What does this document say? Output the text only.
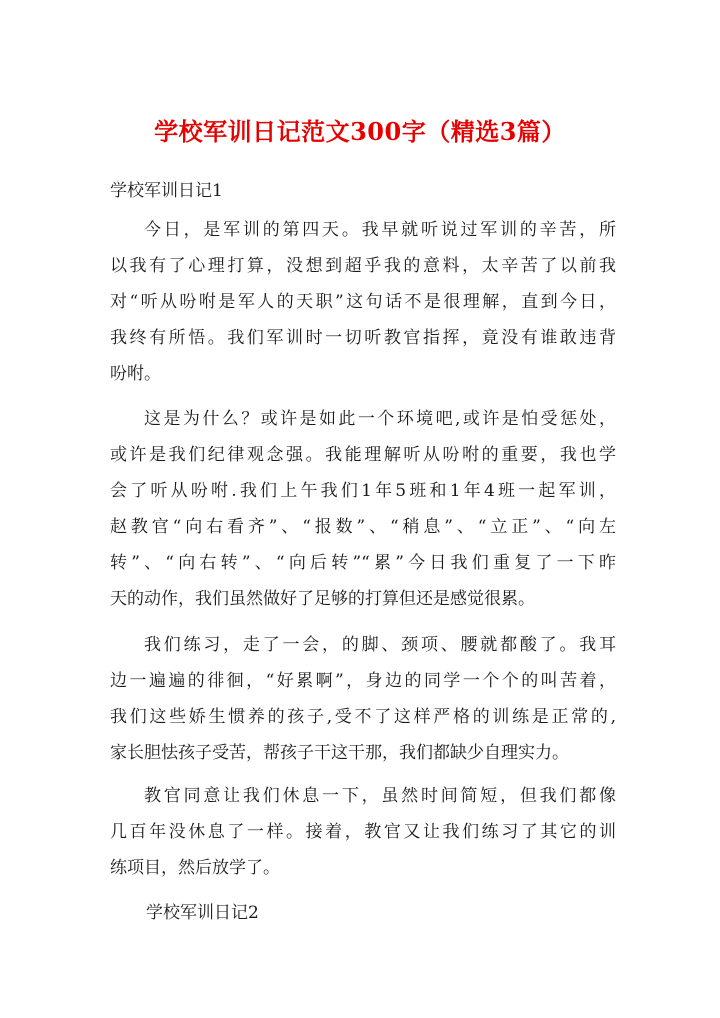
学校军训日记范文300字（精选3篇）
学校军训日记1
今日，是军训的第四天。我早就听说过军训的辛苦，所
以我有了心理打算，没想到超乎我的意料，太辛苦了以前我
对“听从吩咐是军人的天职”这句话不是很理解，直到今日，
我终有所悟。我们军训时一切听教官指挥，竟没有谁敢违背
吩咐。
这是为什么？或许是如此一个环境吧,或许是怕受惩处，
或许是我们纪律观念强。我能理解听从吩咐的重要，我也学
会了听从吩咐.我们上午我们1年5班和1年4班一起军训，
赵教官“向右看齐”、“报数”、“稍息”、“立正”、“向左
转”、“向右转”、“向后转”“累”今日我们重复了一下昨
天的动作，我们虽然做好了足够的打算但还是感觉很累。
我们练习，走了一会，的脚、颈项、腰就都酸了。我耳
边一遍遍的徘徊，“好累啊”，身边的同学一个个的叫苦着，
我们这些娇生惯养的孩子,受不了这样严格的训练是正常的,
家长胆怯孩子受苦，帮孩子干这干那，我们都缺少自理实力。
教官同意让我们休息一下，虽然时间简短，但我们都像
几百年没休息了一样。接着，教官又让我们练习了其它的训
练项目，然后放学了。
学校军训日记2
